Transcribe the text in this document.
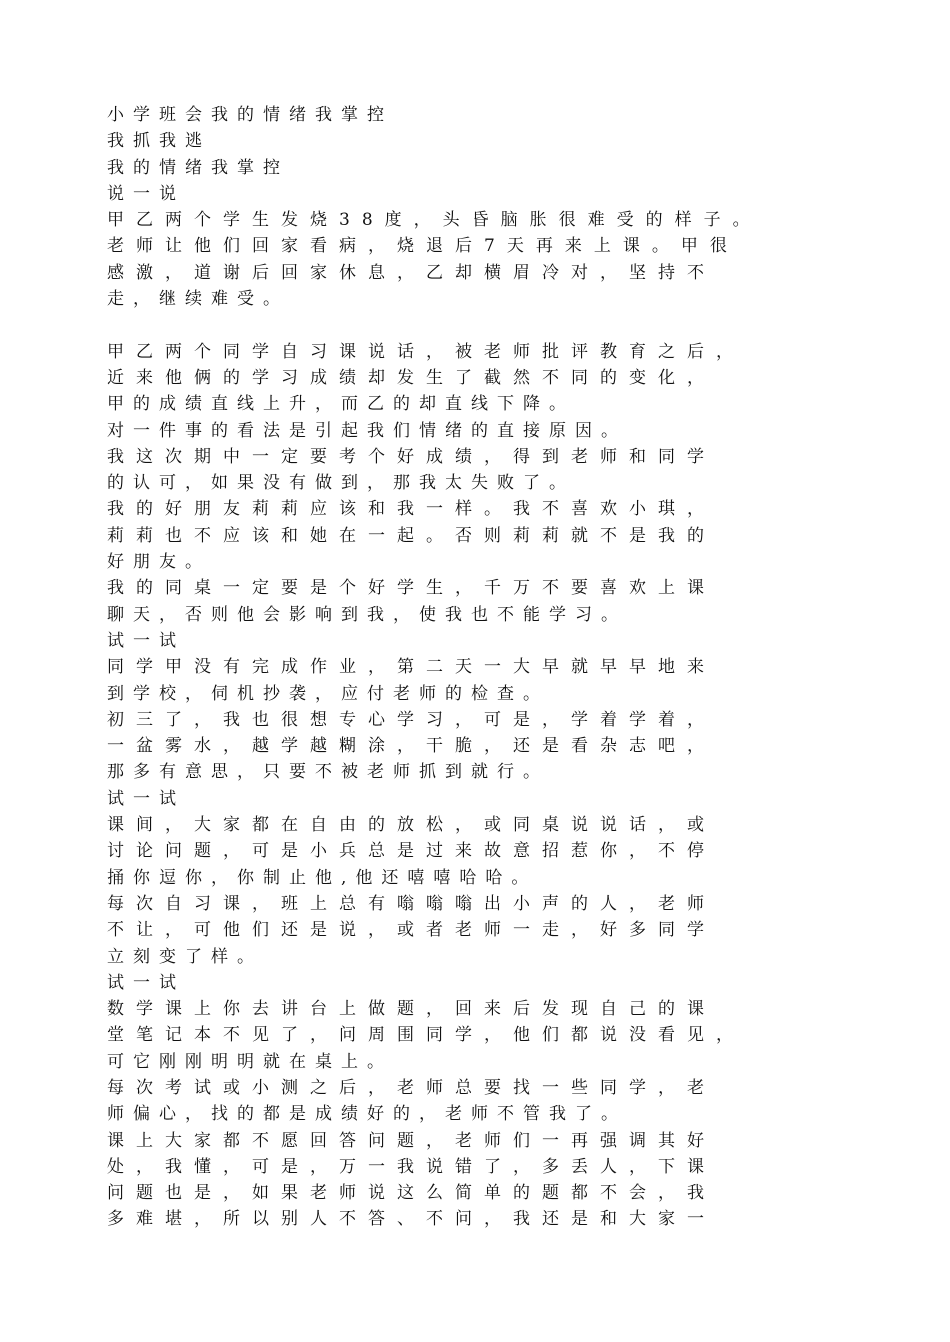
小学班会我的情绪我掌控
我抓我逃
我的情绪我掌控
说一说
甲乙两个学生发烧38度，头昏脑胀很难受的样子。
老师让他们回家看病，烧退后7天再来上课。甲很
感激，道谢后回家休息，乙却横眉冷对，坚持不
走，继续难受。
甲乙两个同学自习课说话，被老师批评教育之后，
近来他俩的学习成绩却发生了截然不同的变化，
甲的成绩直线上升，而乙的却直线下降。
对一件事的看法是引起我们情绪的直接原因。
我这次期中一定要考个好成绩，得到老师和同学
的认可，如果没有做到，那我太失败了。
我的好朋友莉莉应该和我一样。我不喜欢小琪，
莉莉也不应该和她在一起。否则莉莉就不是我的
好朋友。
我的同桌一定要是个好学生，千万不要喜欢上课
聊天，否则他会影响到我，使我也不能学习。
试一试
同学甲没有完成作业，第二天一大早就早早地来
到学校，伺机抄袭，应付老师的检查。
初三了，我也很想专心学习，可是，学着学着，
一盆雾水，越学越糊涂，干脆，还是看杂志吧，
那多有意思，只要不被老师抓到就行。
试一试
课间，大家都在自由的放松，或同桌说说话，或
讨论问题，可是小兵总是过来故意招惹你，不停
捅你逗你，你制止他,他还嘻嘻哈哈。
每次自习课，班上总有嗡嗡嗡出小声的人，老师
不让，可他们还是说，或者老师一走，好多同学
立刻变了样。
试一试
数学课上你去讲台上做题，回来后发现自己的课
堂笔记本不见了，问周围同学，他们都说没看见，
可它刚刚明明就在桌上。
每次考试或小测之后，老师总要找一些同学，老
师偏心，找的都是成绩好的，老师不管我了。
课上大家都不愿回答问题，老师们一再强调其好
处，我懂，可是，万一我说错了，多丢人，下课
问题也是，如果老师说这么简单的题都不会，我
多难堪，所以别人不答、不问，我还是和大家一
